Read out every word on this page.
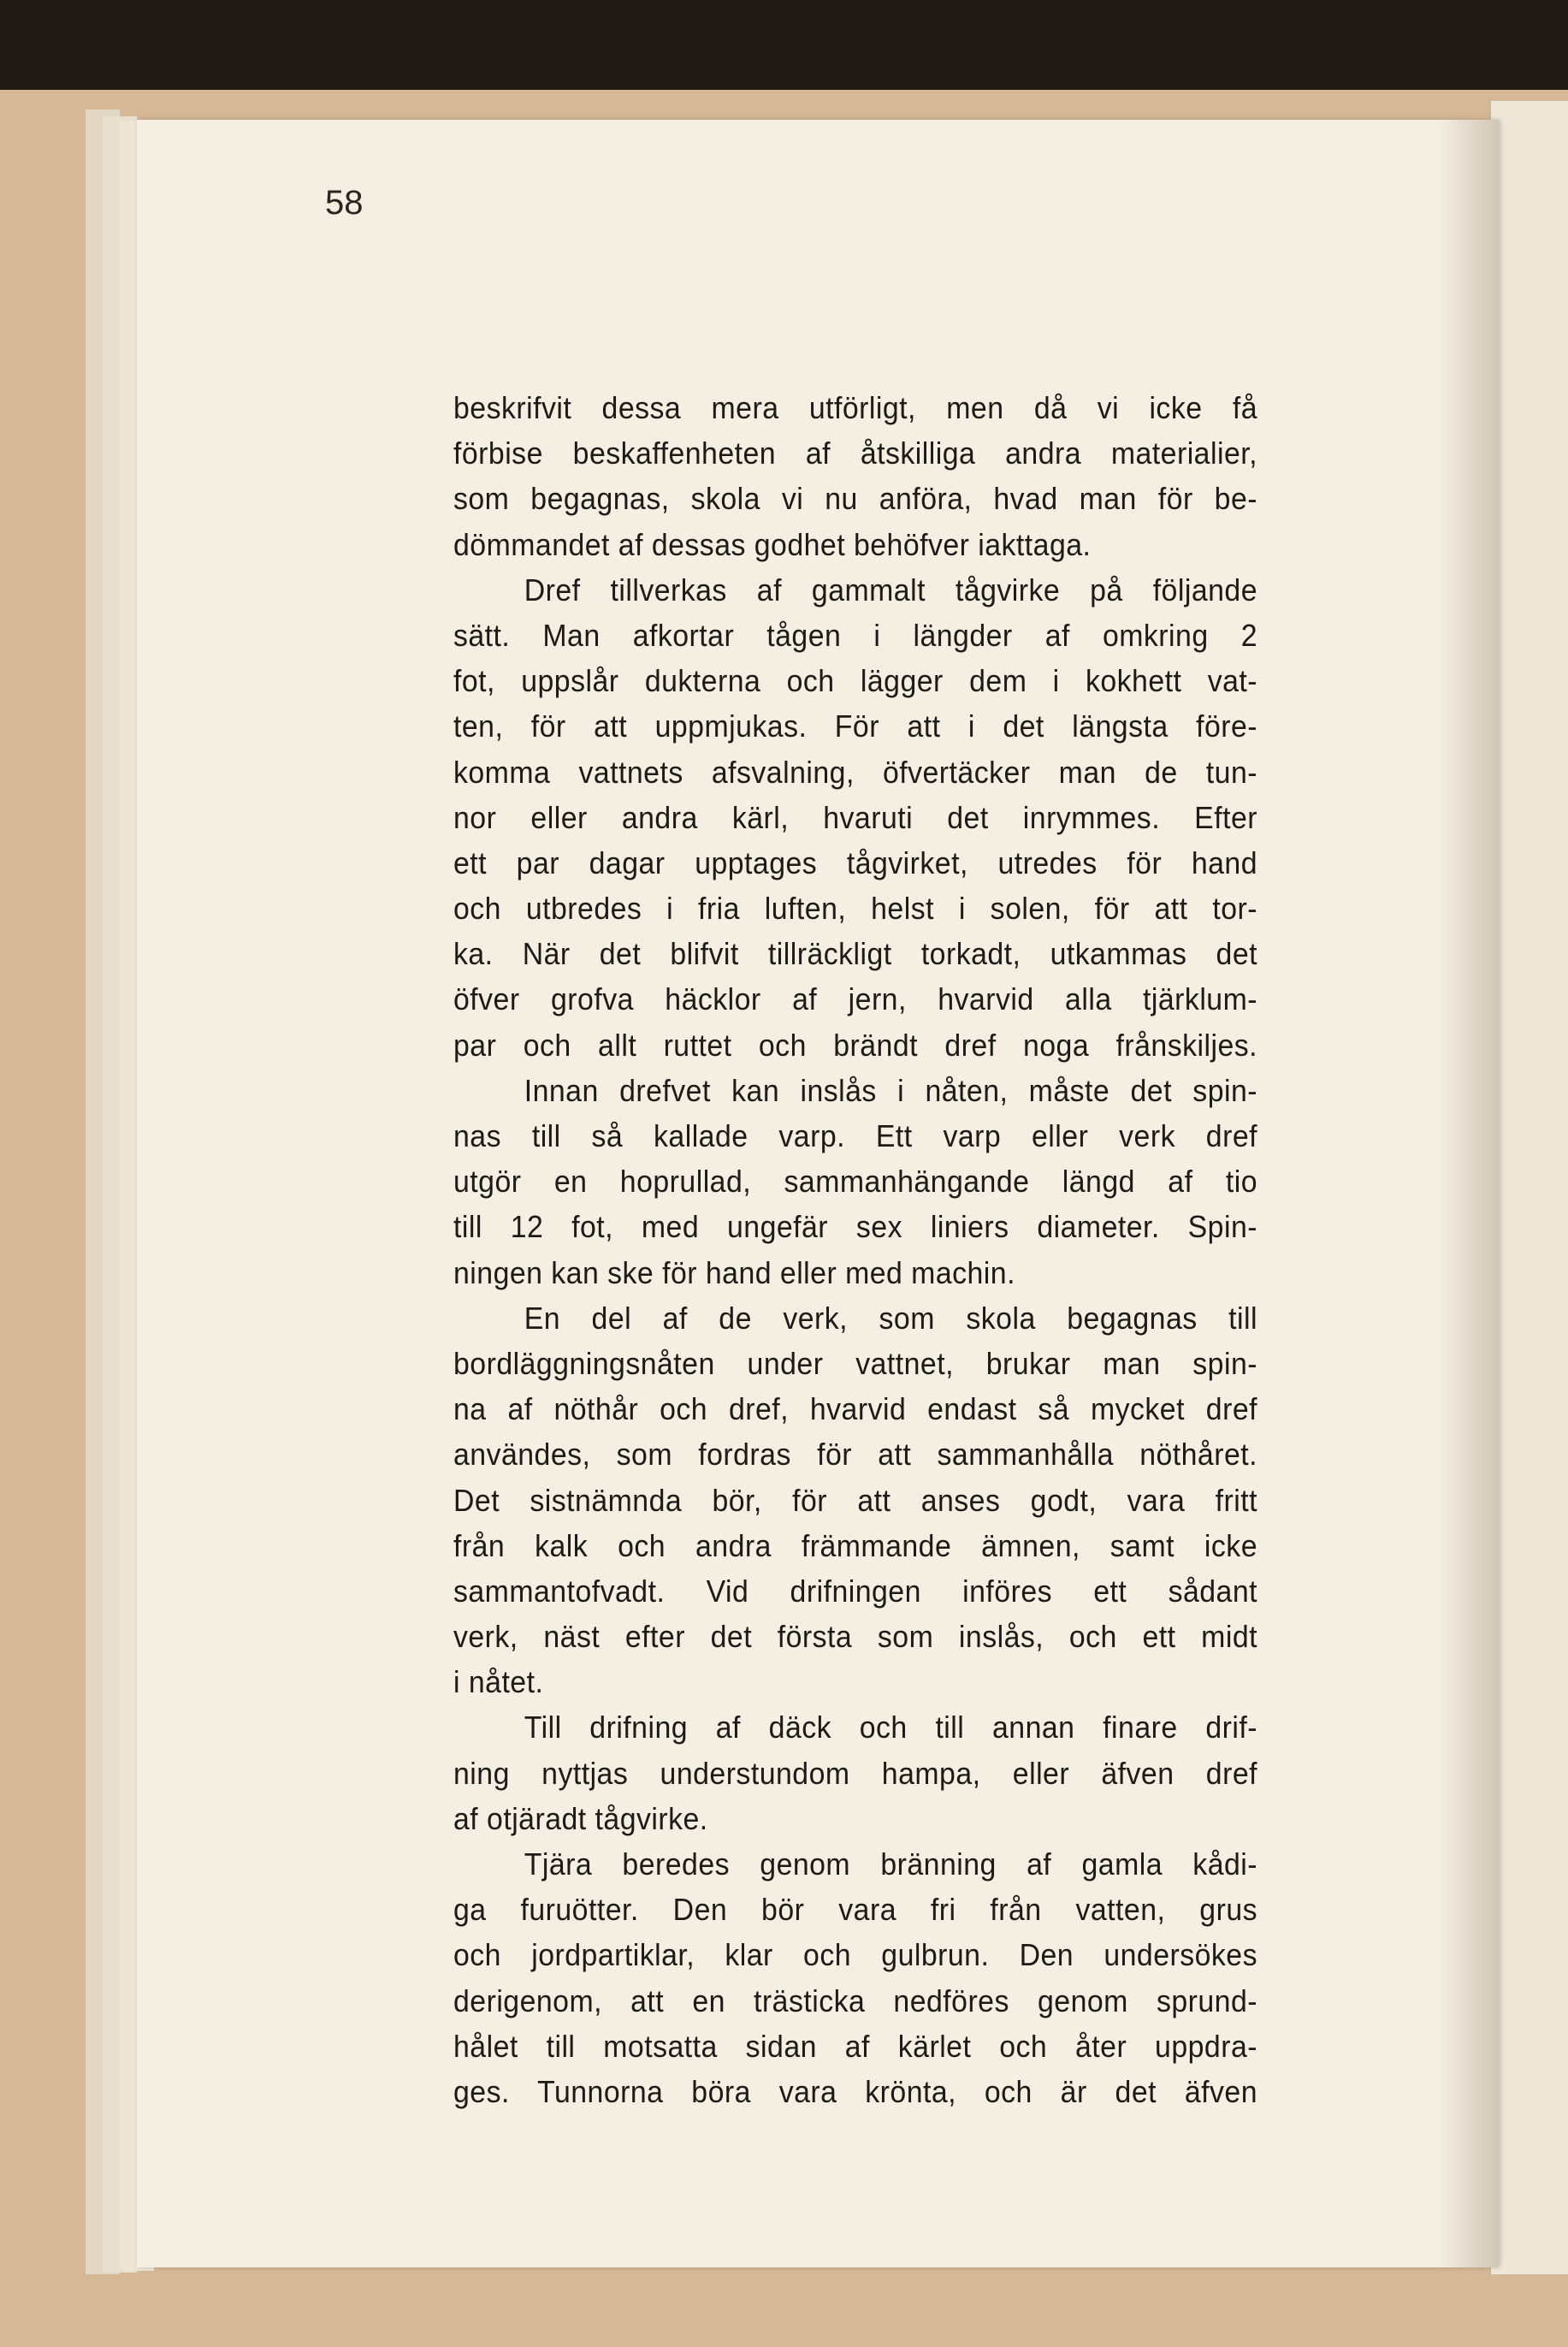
58
beskrifvit dessa mera utförligt, men då vi icke få
förbise beskaffenheten af åtskilliga andra materialier,
som begagnas, skola vi nu anföra, hvad man för be-
dömmandet af dessas godhet behöfver iakttaga.
Dref tillverkas af gammalt tågvirke på följande
sätt. Man afkortar tågen i längder af omkring 2
fot, uppslår dukterna och lägger dem i kokhett vat-
ten, för att uppmjukas. För att i det längsta före-
komma vattnets afsvalning, öfvertäcker man de tun-
nor eller andra kärl, hvaruti det inrymmes. Efter
ett par dagar upptages tågvirket, utredes för hand
och utbredes i fria luften, helst i solen, för att tor-
ka. När det blifvit tillräckligt torkadt, utkammas det
öfver grofva häcklor af jern, hvarvid alla tjärklum-
par och allt ruttet och brändt dref noga frånskiljes.
Innan drefvet kan inslås i nåten, måste det spin-
nas till så kallade varp. Ett varp eller verk dref
utgör en hoprullad, sammanhängande längd af tio
till 12 fot, med ungefär sex liniers diameter. Spin-
ningen kan ske för hand eller med machin.
En del af de verk, som skola begagnas till
bordläggningsnåten under vattnet, brukar man spin-
na af nöthår och dref, hvarvid endast så mycket dref
användes, som fordras för att sammanhålla nöthåret.
Det sistnämnda bör, för att anses godt, vara fritt
från kalk och andra främmande ämnen, samt icke
sammantofvadt. Vid drifningen införes ett sådant
verk, näst efter det första som inslås, och ett midt
i nåtet.
Till drifning af däck och till annan finare drif-
ning nyttjas understundom hampa, eller äfven dref
af otjäradt tågvirke.
Tjära beredes genom bränning af gamla kådi-
ga furuötter. Den bör vara fri från vatten, grus
och jordpartiklar, klar och gulbrun. Den undersökes
derigenom, att en trästicka nedföres genom sprund-
hålet till motsatta sidan af kärlet och åter uppdra-
ges. Tunnorna böra vara krönta, och är det äfven
